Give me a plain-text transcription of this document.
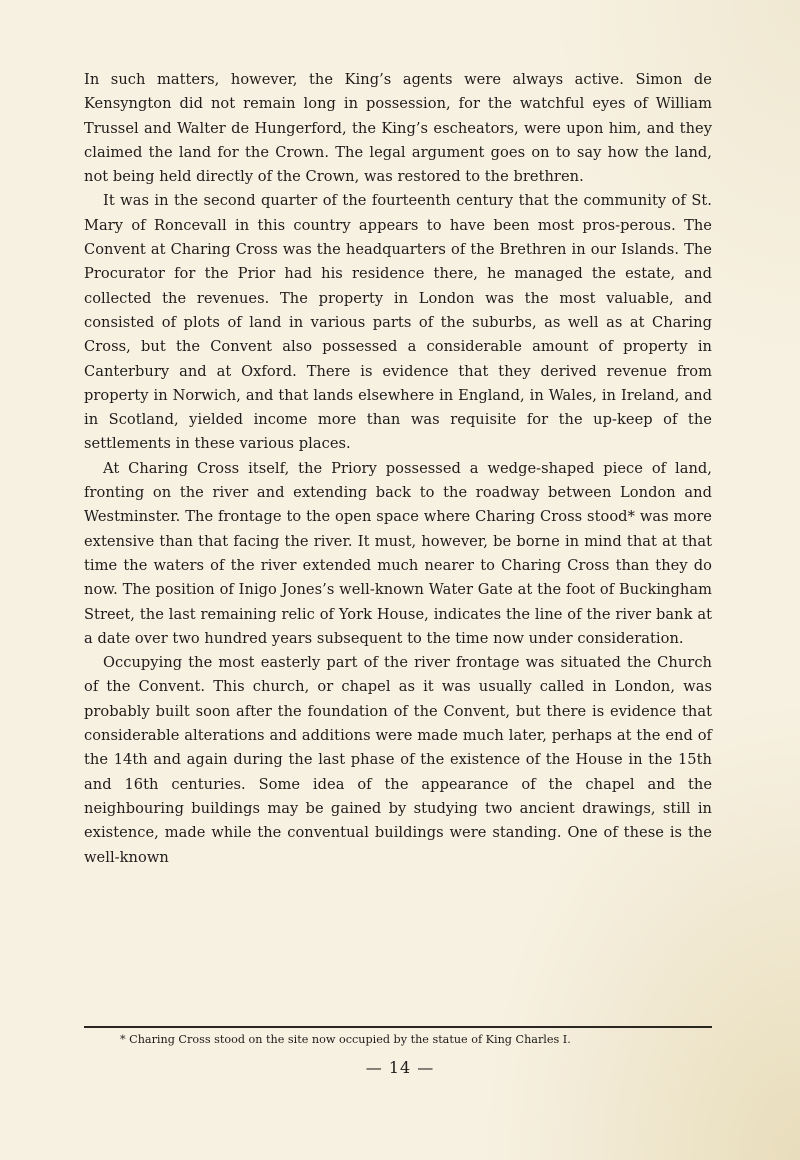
In such matters, however, the King’s agents were always active. Simon de Kensyngton did not remain long in possession, for the watchful eyes of William Trussel and Walter de Hungerford, the King’s escheators, were upon him, and they claimed the land for the Crown. The legal argument goes on to say how the land, not being held directly of the Crown, was restored to the brethren.

It was in the second quarter of the fourteenth century that the community of St. Mary of Roncevall in this country appears to have been most pros-perous. The Convent at Charing Cross was the headquarters of the Brethren in our Islands. The Procurator for the Prior had his residence there, he managed the estate, and collected the revenues. The property in London was the most valuable, and consisted of plots of land in various parts of the suburbs, as well as at Charing Cross, but the Convent also possessed a considerable amount of property in Canterbury and at Oxford. There is evidence that they derived revenue from property in Norwich, and that lands elsewhere in England, in Wales, in Ireland, and in Scotland, yielded income more than was requisite for the up-keep of the settlements in these various places.

At Charing Cross itself, the Priory possessed a wedge-shaped piece of land, fronting on the river and extending back to the roadway between London and Westminster. The frontage to the open space where Charing Cross stood* was more extensive than that facing the river. It must, however, be borne in mind that at that time the waters of the river extended much nearer to Charing Cross than they do now. The position of Inigo Jones’s well-known Water Gate at the foot of Buckingham Street, the last remaining relic of York House, indicates the line of the river bank at a date over two hundred years subsequent to the time now under consideration.

Occupying the most easterly part of the river frontage was situated the Church of the Convent. This church, or chapel as it was usually called in London, was probably built soon after the foundation of the Convent, but there is evidence that considerable alterations and additions were made much later, perhaps at the end of the 14th and again during the last phase of the existence of the House in the 15th and 16th centuries. Some idea of the appearance of the chapel and the neighbouring buildings may be gained by studying two ancient drawings, still in existence, made while the conventual buildings were standing. One of these is the well-known

* Charing Cross stood on the site now occupied by the statue of King Charles I.
— 14 —
